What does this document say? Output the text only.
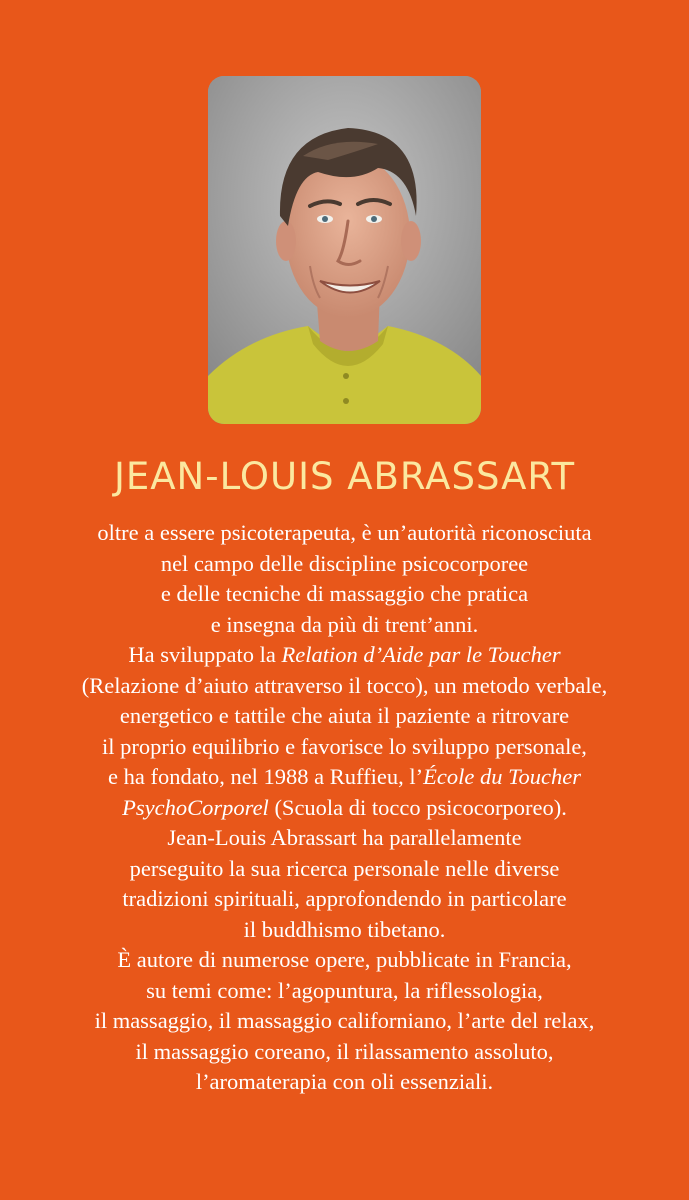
JEAN-LOUIS ABRASSART
oltre a essere psicoterapeuta, è un’autorità riconosciuta
nel campo delle discipline psicocorporee
e delle tecniche di massaggio che pratica
e insegna da più di trent’anni.
Ha sviluppato la Relation d’Aide par le Toucher
(Relazione d’aiuto attraverso il tocco), un metodo verbale,
energetico e tattile che aiuta il paziente a ritrovare
il proprio equilibrio e favorisce lo sviluppo personale,
e ha fondato, nel 1988 a Ruffieu, l’École du Toucher
PsychoCorporel (Scuola di tocco psicocorporeo).
Jean-Louis Abrassart ha parallelamente
perseguito la sua ricerca personale nelle diverse
tradizioni spirituali, approfondendo in particolare
il buddhismo tibetano.
È autore di numerose opere, pubblicate in Francia,
su temi come: l’agopuntura, la riflessologia,
il massaggio, il massaggio californiano, l’arte del relax,
il massaggio coreano, il rilassamento assoluto,
l’aromaterapia con oli essenziali.
